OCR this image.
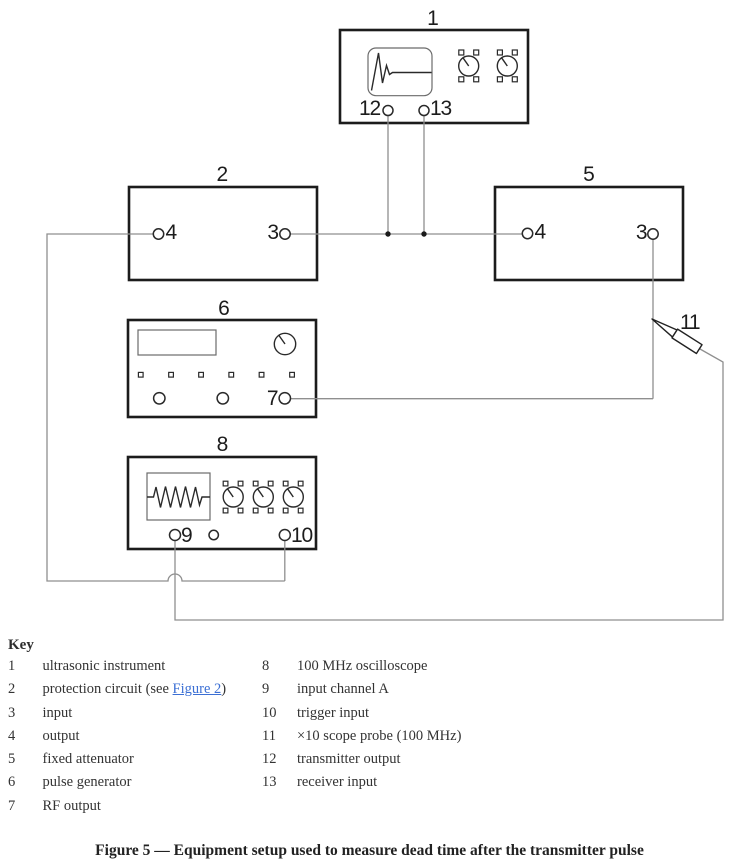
1
2	5
6
8
12 13
4	3	4	3
7
9	10
11
Key
1 ultrasonic instrument
2 protection circuit (see Figure 2)
3 input
4 output
5 fixed attenuator
6 pulse generator
7 RF output
8 100 MHz oscilloscope
9 input channel A
10 trigger input
11 ×10 scope probe (100 MHz)
12 transmitter output
13 receiver input
Figure 5 — Equipment setup used to measure dead time after the transmitter pulse
